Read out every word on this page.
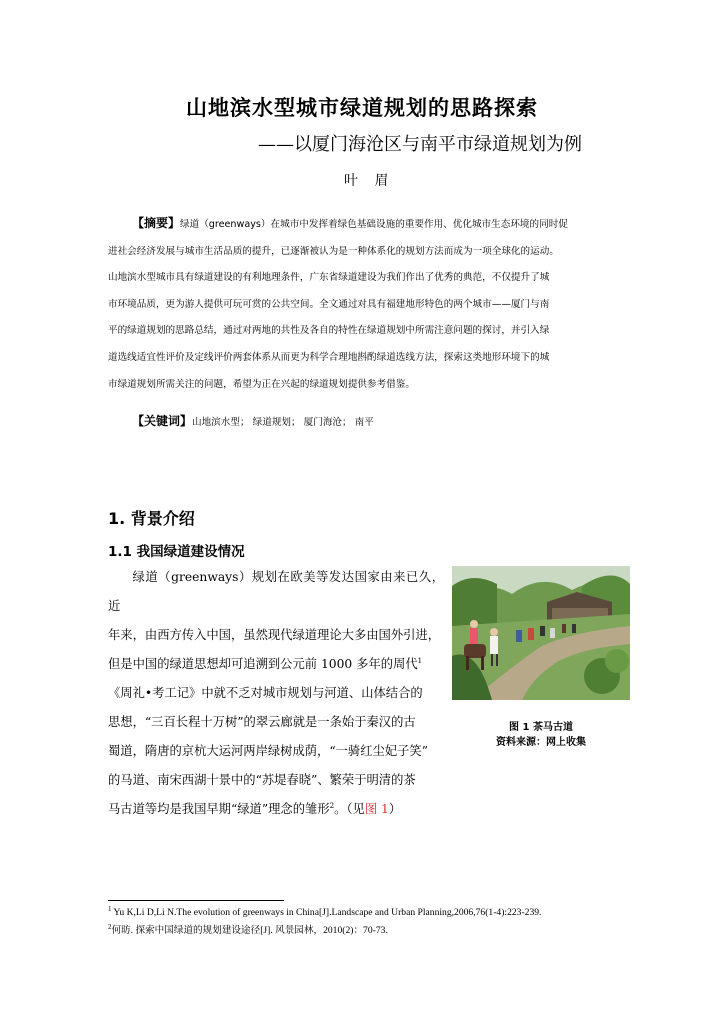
山地滨水型城市绿道规划的思路探索
——以厦门海沧区与南平市绿道规划为例
叶 眉
【摘要】绿道（greenways）在城市中发挥着绿色基础设施的重要作用、优化城市生态环境的同时促
进社会经济发展与城市生活品质的提升，已逐渐被认为是一种体系化的规划方法而成为一项全球化的运动。
山地滨水型城市具有绿道建设的有利地理条件，广东省绿道建设为我们作出了优秀的典范，不仅提升了城
市环境品质，更为游人提供可玩可赏的公共空间。全文通过对具有福建地形特色的两个城市——厦门与南
平的绿道规划的思路总结，通过对两地的共性及各自的特性在绿道规划中所需注意问题的探讨，并引入绿
道选线适宜性评价及定线评价两套体系从而更为科学合理地斟酌绿道选线方法，探索这类地形环境下的城
市绿道规划所需关注的问题，希望为正在兴起的绿道规划提供参考借鉴。
【关键词】山地滨水型； 绿道规划； 厦门海沧； 南平
1. 背景介绍
1.1 我国绿道建设情况
绿道（greenways）规划在欧美等发达国家由来已久，近
年来，由西方传入中国，虽然现代绿道理论大多由国外引进，
但是中国的绿道思想却可追溯到公元前 1000 多年的周代$^1$
《周礼•考工记》中就不乏对城市规划与河道、山体结合的
思想，“三百长程十万树”的翠云廊就是一条始于秦汉的古
蜀道，隋唐的京杭大运河两岸绿树成荫，“一骑红尘妃子笑”
的马道、南宋西湖十景中的“苏堤春晓”、繁荣于明清的茶
马古道等均是我国早期“绿道”理念的雏形$^2$。（见图 1）
图 1 茶马古道
资料来源：网上收集
$^1$ Yu K,Li D,Li N.The evolution of greenways in China[J].Landscape and Urban Planning,2006,76(1-4):223-239.
$^2$何昉. 探索中国绿道的规划建设途径[J]. 风景园林，2010(2)：70-73.
